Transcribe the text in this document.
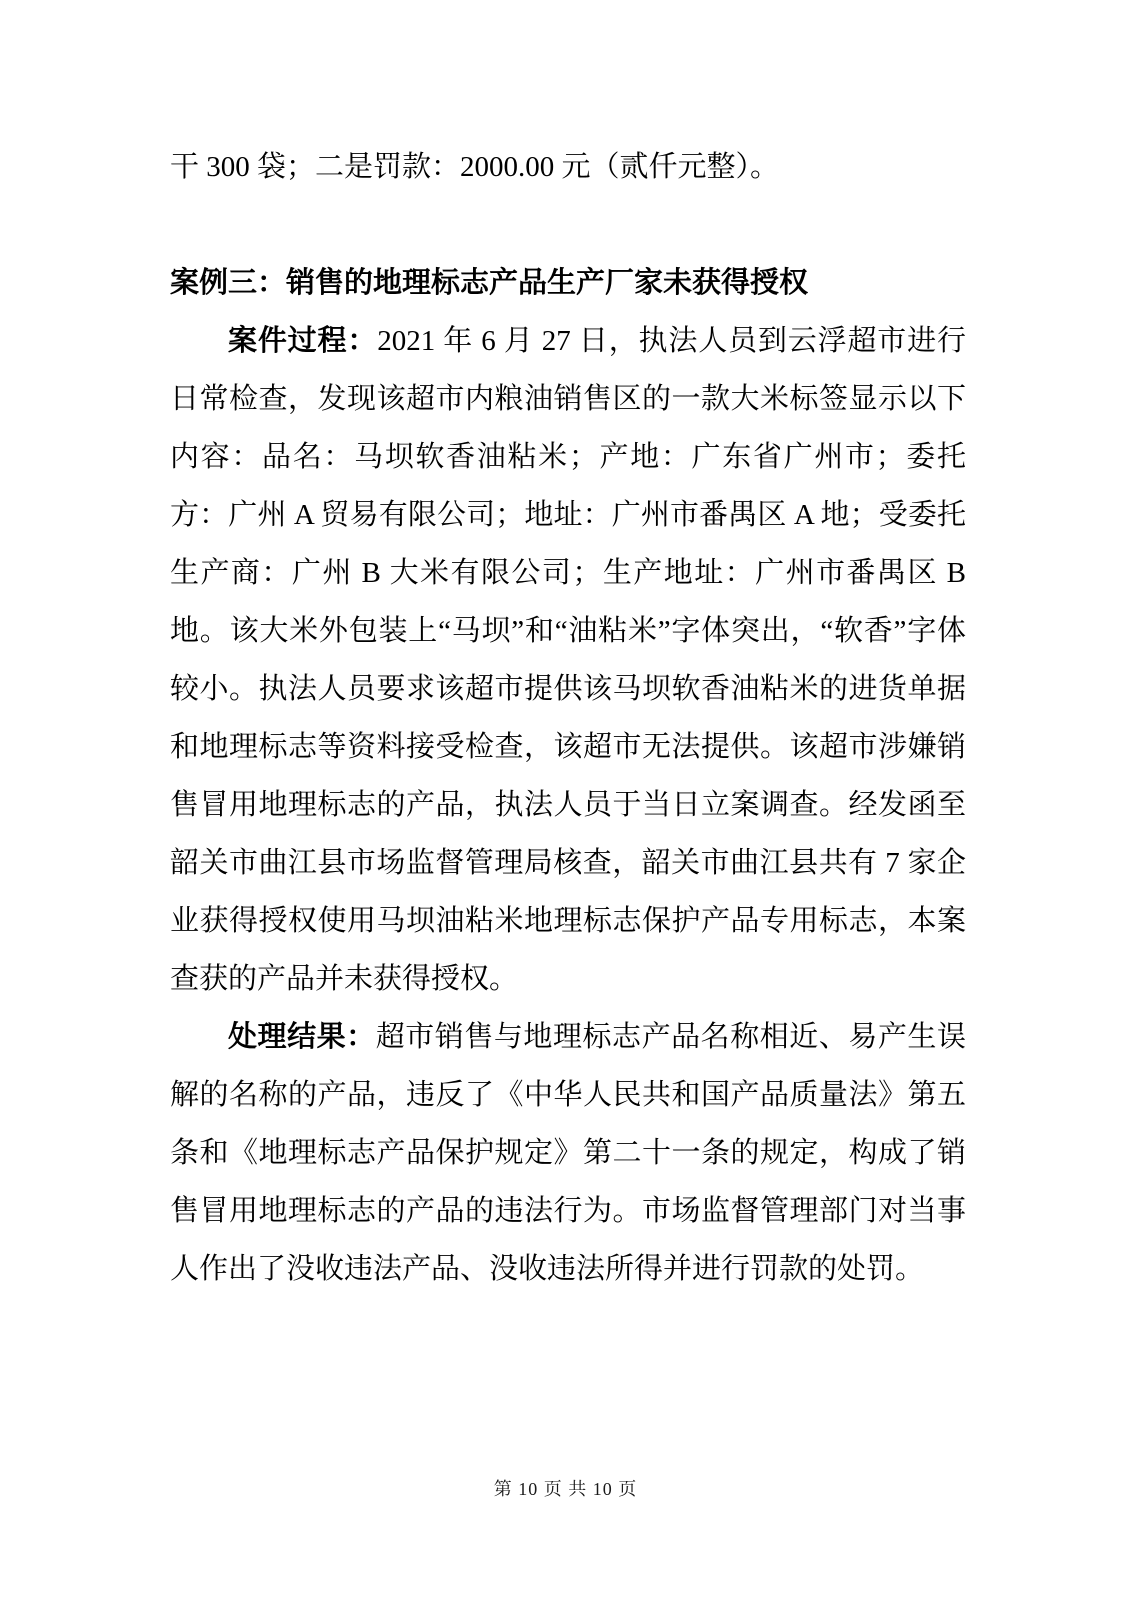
干 300 袋；二是罚款：2000.00 元（贰仟元整）。

案例三：销售的地理标志产品生产厂家未获得授权

案件过程：2021 年 6 月 27 日，执法人员到云浮超市进行日常检查，发现该超市内粮油销售区的一款大米标签显示以下内容：品名：马坝软香油粘米；产地：广东省广州市；委托方：广州 A 贸易有限公司；地址：广州市番禺区 A 地；受委托生产商：广州 B 大米有限公司；生产地址：广州市番禺区 B 地。该大米外包装上“马坝”和“油粘米”字体突出，“软香”字体较小。执法人员要求该超市提供该马坝软香油粘米的进货单据和地理标志等资料接受检查，该超市无法提供。该超市涉嫌销售冒用地理标志的产品，执法人员于当日立案调查。经发函至韶关市曲江县市场监督管理局核查，韶关市曲江县共有 7 家企业获得授权使用马坝油粘米地理标志保护产品专用标志，本案查获的产品并未获得授权。

处理结果：超市销售与地理标志产品名称相近、易产生误解的名称的产品，违反了《中华人民共和国产品质量法》第五条和《地理标志产品保护规定》第二十一条的规定，构成了销售冒用地理标志的产品的违法行为。市场监督管理部门对当事人作出了没收违法产品、没收违法所得并进行罚款的处罚。

第 10 页 共 10 页
